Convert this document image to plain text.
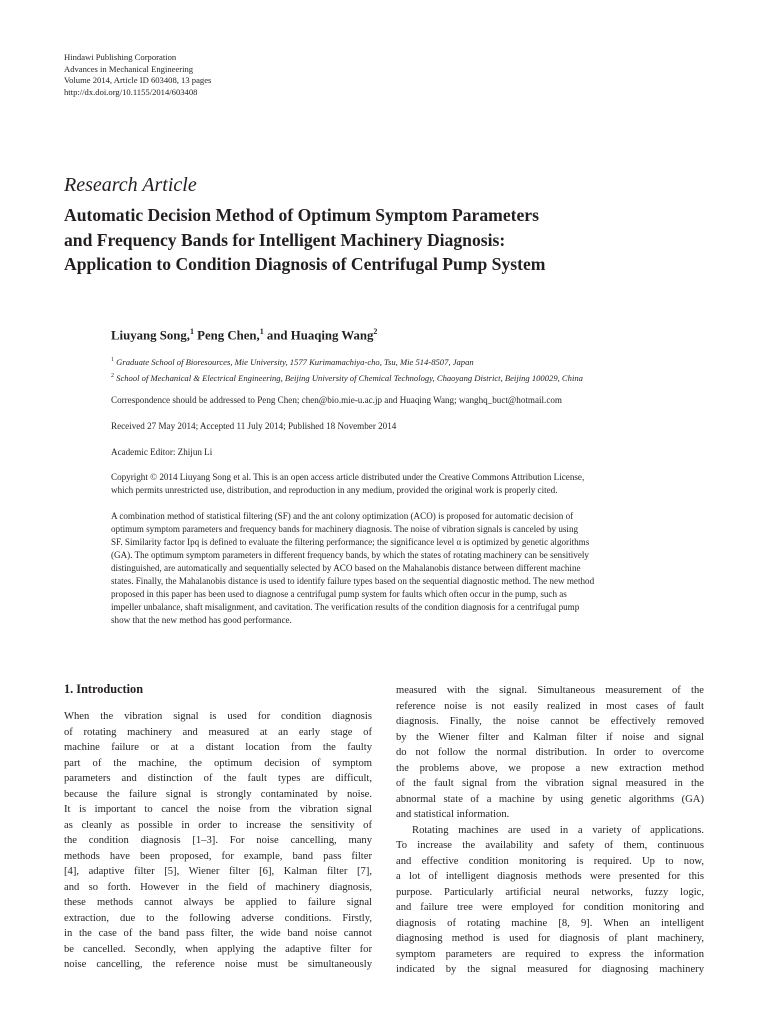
Hindawi Publishing Corporation
Advances in Mechanical Engineering
Volume 2014, Article ID 603408, 13 pages
http://dx.doi.org/10.1155/2014/603408
Research Article
Automatic Decision Method of Optimum Symptom Parameters
and Frequency Bands for Intelligent Machinery Diagnosis:
Application to Condition Diagnosis of Centrifugal Pump System
Liuyang Song,$^1$ Peng Chen,$^1$ and Huaqing Wang$^2$
$^1$ Graduate School of Bioresources, Mie University, 1577 Kurimamachiya-cho, Tsu, Mie 514-8507, Japan
$^2$ School of Mechanical & Electrical Engineering, Beijing University of Chemical Technology, Chaoyang District, Beijing 100029, China
Correspondence should be addressed to Peng Chen; chen@bio.mie-u.ac.jp and Huaqing Wang; wanghq_buct@hotmail.com
Received 27 May 2014; Accepted 11 July 2014; Published 18 November 2014
Academic Editor: Zhijun Li
Copyright © 2014 Liuyang Song et al. This is an open access article distributed under the Creative Commons Attribution License,
which permits unrestricted use, distribution, and reproduction in any medium, provided the original work is properly cited.
A combination method of statistical filtering (SF) and the ant colony optimization (ACO) is proposed for automatic decision of
optimum symptom parameters and frequency bands for machinery diagnosis. The noise of vibration signals is canceled by using
SF. Similarity factor Ipq is defined to evaluate the filtering performance; the significance level α is optimized by genetic algorithms
(GA). The optimum symptom parameters in different frequency bands, by which the states of rotating machinery can be sensitively
distinguished, are automatically and sequentially selected by ACO based on the Mahalanobis distance between different machine
states. Finally, the Mahalanobis distance is used to identify failure types based on the sequential diagnostic method. The new method
proposed in this paper has been used to diagnose a centrifugal pump system for faults which often occur in the pump, such as
impeller unbalance, shaft misalignment, and cavitation. The verification results of the condition diagnosis for a centrifugal pump
show that the new method has good performance.
1. Introduction
When the vibration signal is used for condition diagnosis
of rotating machinery and measured at an early stage of
machine failure or at a distant location from the faulty
part of the machine, the optimum decision of symptom
parameters and distinction of the fault types are difficult,
because the failure signal is strongly contaminated by noise.
It is important to cancel the noise from the vibration signal
as cleanly as possible in order to increase the sensitivity of
the condition diagnosis [1–3]. For noise cancelling, many
methods have been proposed, for example, band pass filter
[4], adaptive filter [5], Wiener filter [6], Kalman filter [7],
and so forth. However in the field of machinery diagnosis,
these methods cannot always be applied to failure signal
extraction, due to the following adverse conditions. Firstly,
in the case of the band pass filter, the wide band noise cannot
be cancelled. Secondly, when applying the adaptive filter for
noise cancelling, the reference noise must be simultaneously
measured with the signal. Simultaneous measurement of the
reference noise is not easily realized in most cases of fault
diagnosis. Finally, the noise cannot be effectively removed
by the Wiener filter and Kalman filter if noise and signal
do not follow the normal distribution. In order to overcome
the problems above, we propose a new extraction method
of the fault signal from the vibration signal measured in the
abnormal state of a machine by using genetic algorithms (GA)
and statistical information.
Rotating machines are used in a variety of applications.
To increase the availability and safety of them, continuous
and effective condition monitoring is required. Up to now,
a lot of intelligent diagnosis methods were presented for this
purpose. Particularly artificial neural networks, fuzzy logic,
and failure tree were employed for condition monitoring and
diagnosis of rotating machine [8, 9]. When an intelligent
diagnosing method is used for diagnosis of plant machinery,
symptom parameters are required to express the information
indicated by the signal measured for diagnosing machinery
